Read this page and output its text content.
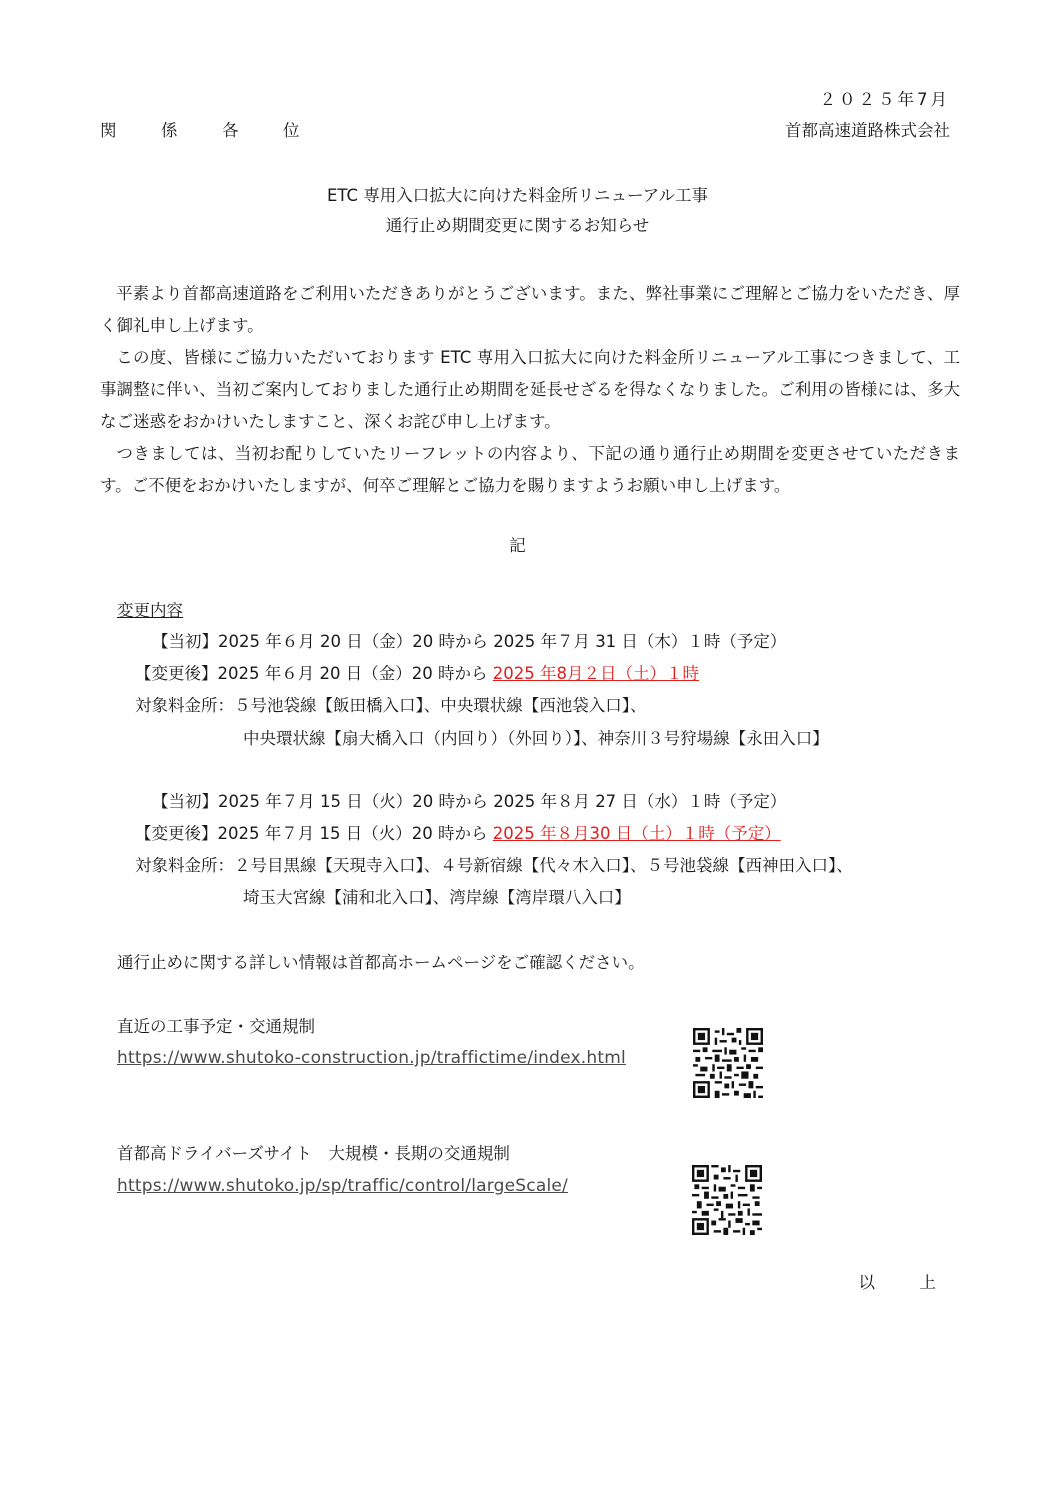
２０２５年7月
関　係　各　位	首都高速道路株式会社
ETC 専用入口拡大に向けた料金所リニューアル工事
通行止め期間変更に関するお知らせ
平素より首都高速道路をご利用いただきありがとうございます。また、弊社事業にご理解とご協力をいただき、厚く御礼申し上げます。
この度、皆様にご協力いただいております ETC 専用入口拡大に向けた料金所リニューアル工事につきまして、工事調整に伴い、当初ご案内しておりました通行止め期間を延長せざるを得なくなりました。ご利用の皆様には、多大なご迷惑をおかけいたしますこと、深くお詫び申し上げます。
つきましては、当初お配りしていたリーフレットの内容より、下記の通り通行止め期間を変更させていただきます。ご不便をおかけいたしますが、何卒ご理解とご協力を賜りますようお願い申し上げます。
記
変更内容
【当初】2025 年６月 20 日（金）20 時から 2025 年７月 31 日（木）１時（予定）
【変更後】2025 年６月 20 日（金）20 時から 2025 年8月２日（土）１時
対象料金所：５号池袋線【飯田橋入口】、中央環状線【西池袋入口】、
中央環状線【扇大橋入口（内回り）（外回り）】、神奈川３号狩場線【永田入口】
【当初】2025 年７月 15 日（火）20 時から 2025 年８月 27 日（水）１時（予定）
【変更後】2025 年７月 15 日（火）20 時から 2025 年８月30 日（土）１時（予定）
対象料金所：２号目黒線【天現寺入口】、４号新宿線【代々木入口】、５号池袋線【西神田入口】、
埼玉大宮線【浦和北入口】、湾岸線【湾岸環八入口】
通行止めに関する詳しい情報は首都高ホームページをご確認ください。
直近の工事予定・交通規制
https://www.shutoko-construction.jp/traffictime/index.html
首都高ドライバーズサイト　大規模・長期の交通規制
https://www.shutoko.jp/sp/traffic/control/largeScale/
以　上
